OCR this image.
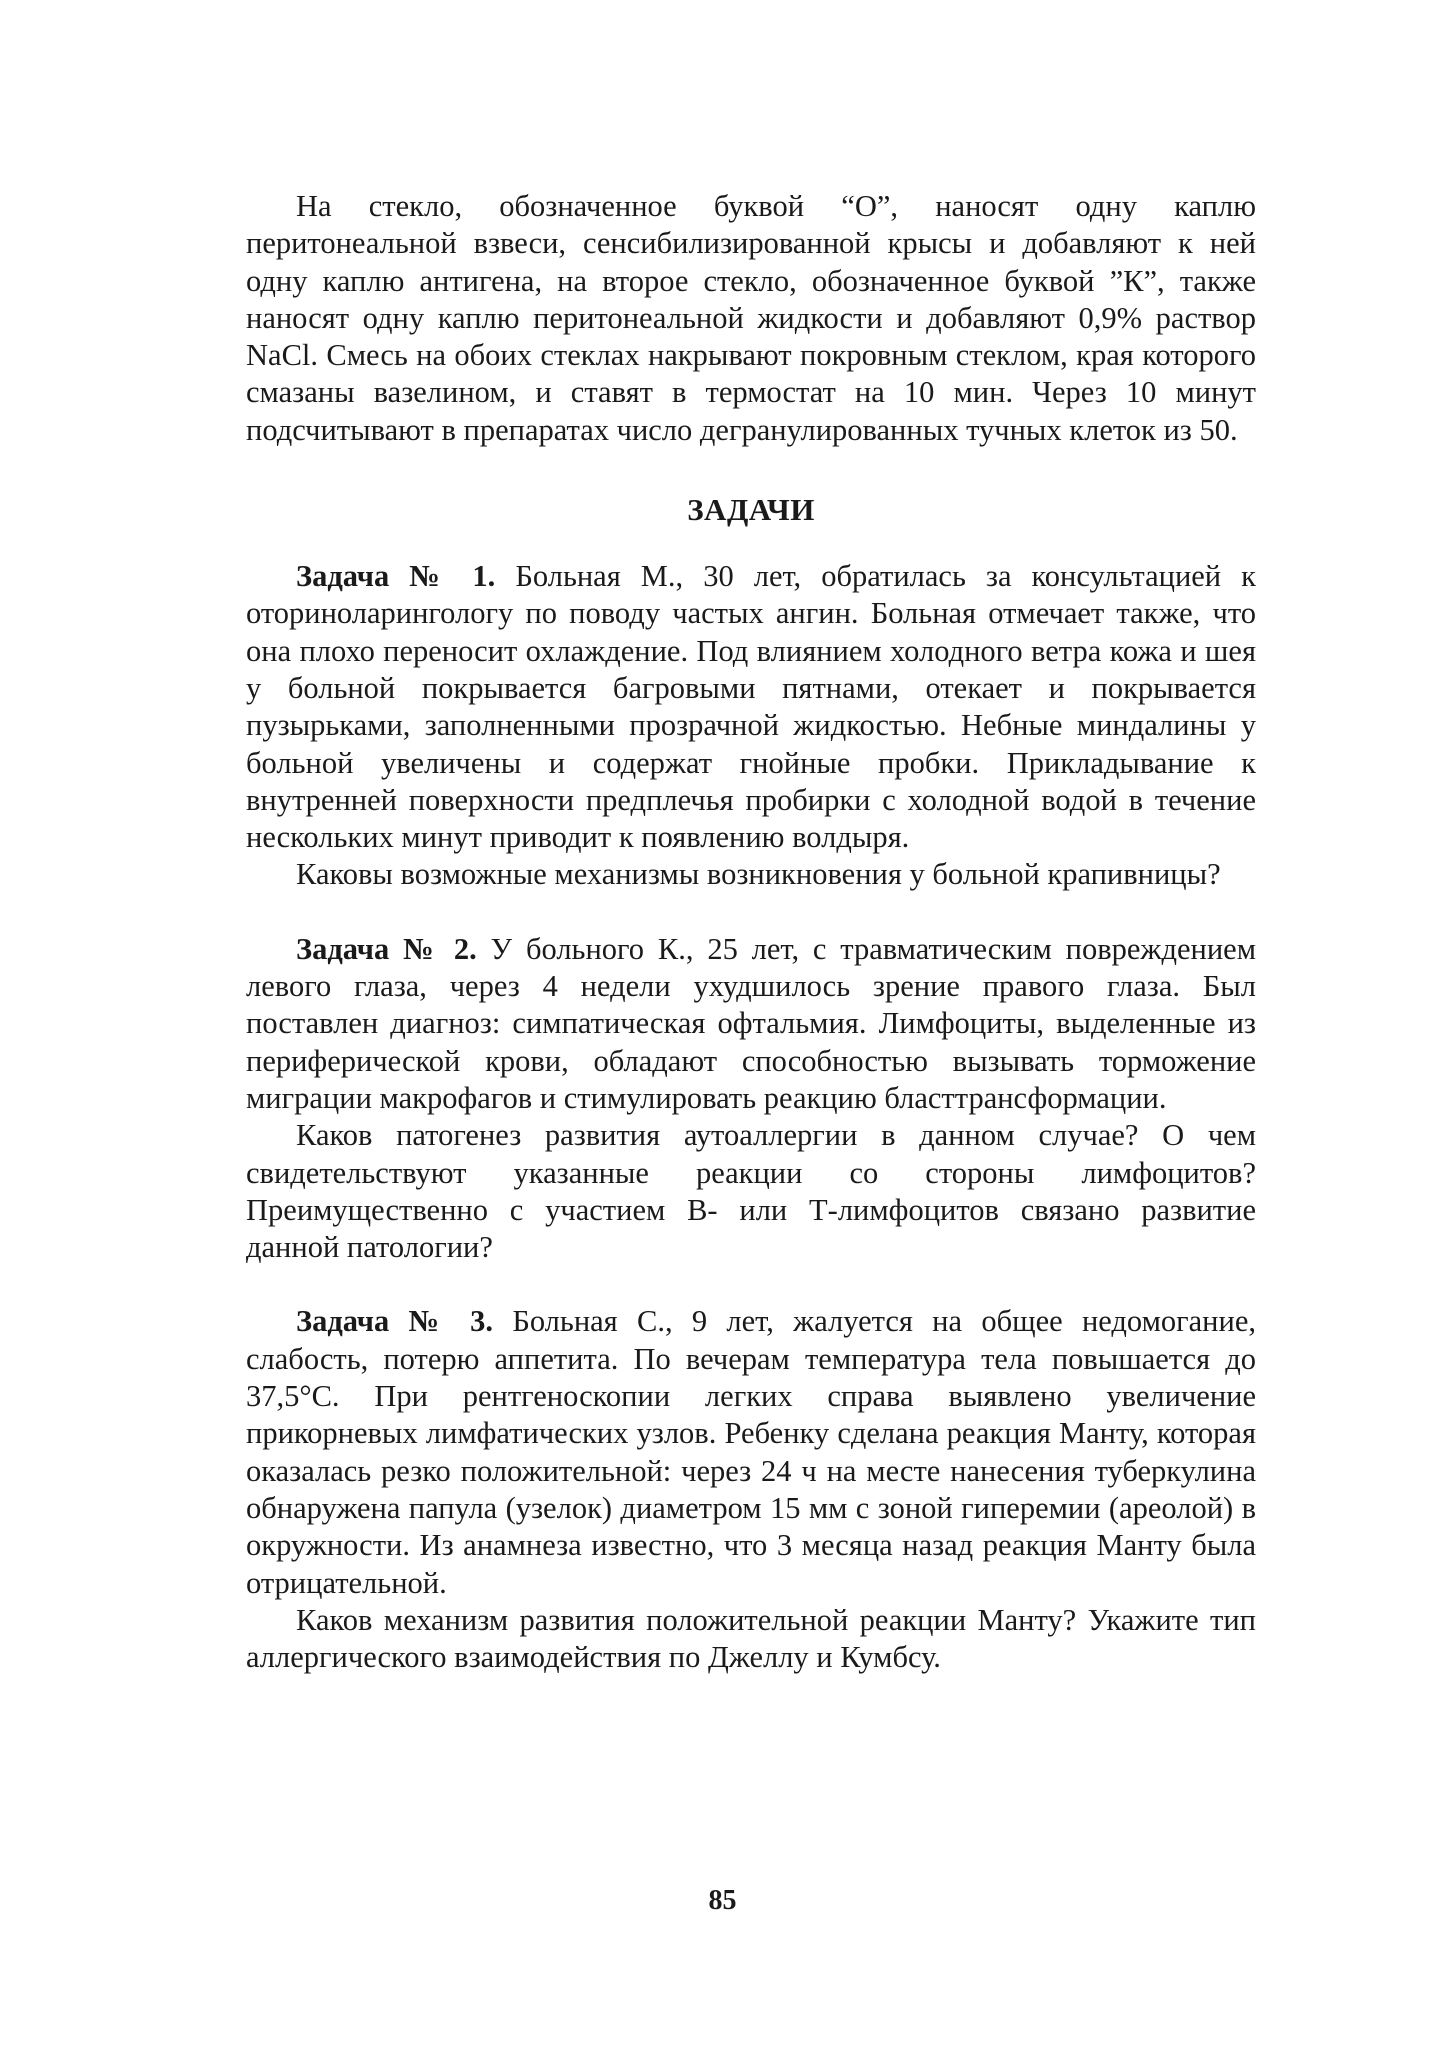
На стекло, обозначенное буквой “О”, наносят одну каплю перитонеальной взвеси, сенсибилизированной крысы и добавляют к ней одну каплю антигена, на второе стекло, обозначенное буквой ”К”, также наносят одну каплю перитонеальной жидкости и добавляют 0,9% раствор NaCl. Смесь на обоих стеклах накрывают покровным стеклом, края которого смазаны вазелином, и ставят в термостат на 10 мин. Через 10 минут подсчитывают в препаратах число дегранулированных тучных клеток из 50.

ЗАДАЧИ

Задача № 1. Больная М., 30 лет, обратилась за консультацией к оториноларингологу по поводу частых ангин. Больная отмечает также, что она плохо переносит охлаждение. Под влиянием холодного ветра кожа и шея у больной покрывается багровыми пятнами, отекает и покрывается пузырьками, заполненными прозрачной жидкостью. Небные миндалины у больной увеличены и содержат гнойные пробки. Прикладывание к внутренней поверхности предплечья пробирки с холодной водой в течение нескольких минут приводит к появлению волдыря.

Каковы возможные механизмы возникновения у больной крапивницы?

Задача № 2. У больного К., 25 лет, с травматическим повреждением левого глаза, через 4 недели ухудшилось зрение правого глаза. Был поставлен диагноз: симпатическая офтальмия. Лимфоциты, выделенные из периферической крови, обладают способностью вызывать торможение миграции макрофагов и стимулировать реакцию бласттрансформации.

Каков патогенез развития аутоаллергии в данном случае? О чем свидетельствуют указанные реакции со стороны лимфоцитов? Преимущественно с участием В- или Т-лимфоцитов связано развитие данной патологии?

Задача № 3. Больная С., 9 лет, жалуется на общее недомогание, слабость, потерю аппетита. По вечерам температура тела повышается до 37,5°С. При рентгеноскопии легких справа выявлено увеличение прикорневых лимфатических узлов. Ребенку сделана реакция Манту, которая оказалась резко положительной: через 24 ч на месте нанесения туберкулина обнаружена папула (узелок) диаметром 15 мм с зоной гиперемии (ареолой) в окружности. Из анамнеза известно, что 3 месяца назад реакция Манту была отрицательной.

Каков механизм развития положительной реакции Манту? Укажите тип аллергического взаимодействия по Джеллу и Кумбсу.

85
